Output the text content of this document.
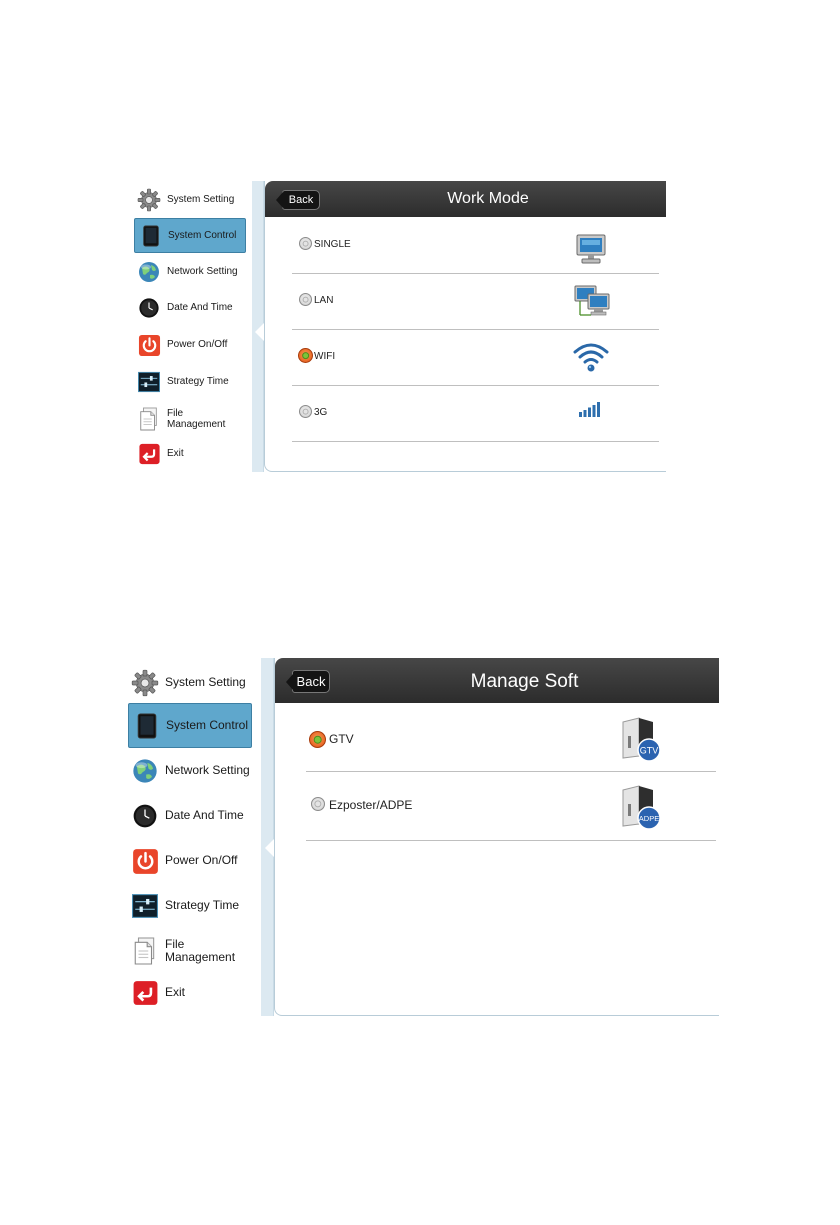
System Setting
System Control
Network Setting
Date And Time
Power On/Off
Strategy Time
File Management
Exit
Back	Work Mode
SINGLE
LAN
WIFI
3G
System Setting
System Control
Network Setting
Date And Time
Power On/Off
Strategy Time
File Management
Exit
Back	Manage Soft
GTV
GTV
Ezposter/ADPE
ADPE
